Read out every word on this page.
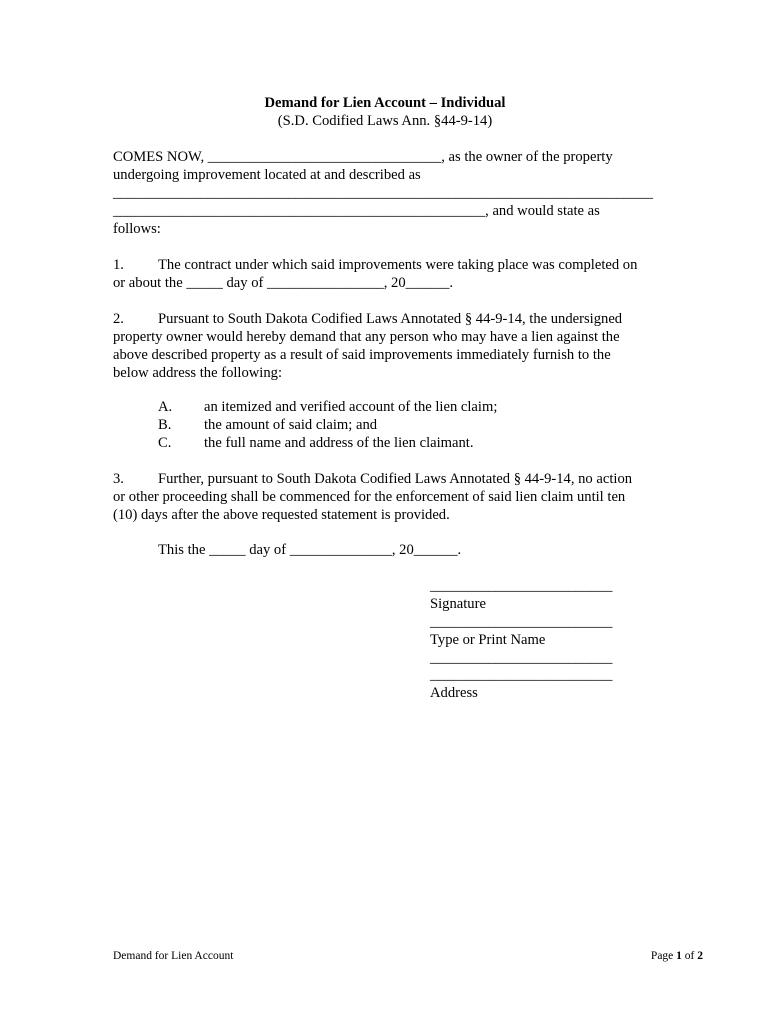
Demand for Lien Account – Individual
(S.D. Codified Laws Ann. §44-9-14)
COMES NOW, ________________________________, as the owner of the property
undergoing improvement located at and described as
__________________________________________________________________________
___________________________________________________, and would state as
follows:
1. The contract under which said improvements were taking place was completed on
or about the _____ day of ________________, 20______.
2. Pursuant to South Dakota Codified Laws Annotated § 44-9-14, the undersigned
property owner would hereby demand that any person who may have a lien against the
above described property as a result of said improvements immediately furnish to the
below address the following:
A. an itemized and verified account of the lien claim;
B. the amount of said claim; and
C. the full name and address of the lien claimant.
3. Further, pursuant to South Dakota Codified Laws Annotated § 44-9-14, no action
or other proceeding shall be commenced for the enforcement of said lien claim until ten
(10) days after the above requested statement is provided.
This the _____ day of ______________, 20______.
_________________________
Signature
_________________________
Type or Print Name
_________________________
_________________________
Address
Demand for Lien Account	Page 1 of 2
